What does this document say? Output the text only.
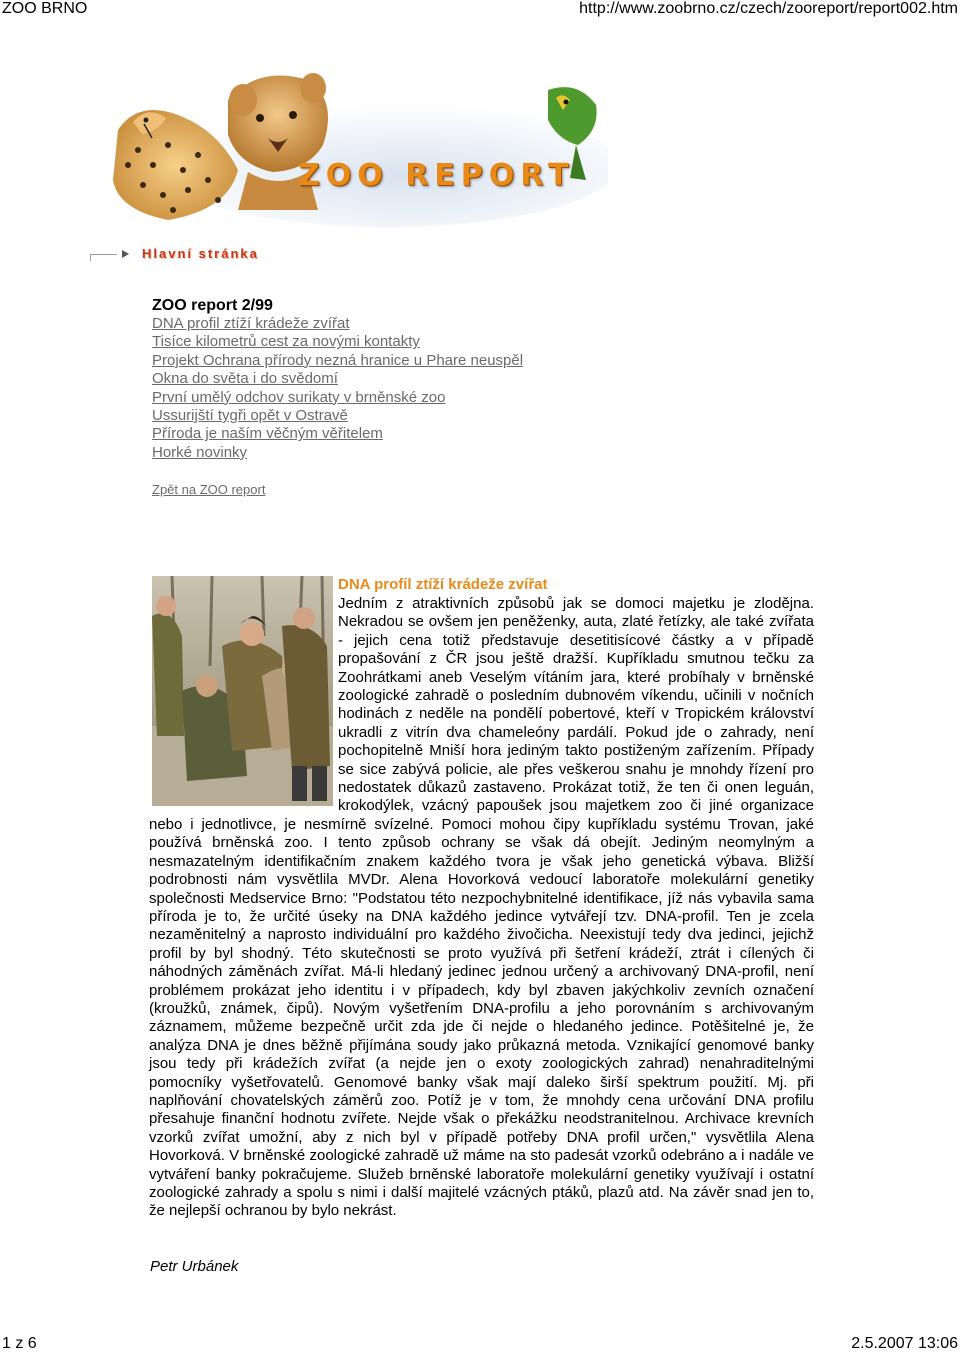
ZOO BRNO	http://www.zoobrno.cz/czech/zooreport/report002.htm
ZOO REPORT
Hlavní stránka
ZOO report 2/99
DNA profil ztíží krádeže zvířat
Tisíce kilometrů cest za novými kontakty
Projekt Ochrana přírody nezná hranice u Phare neuspěl
Okna do světa i do svědomí
První umělý odchov surikaty v brněnské zoo
Ussurijští tygři opět v Ostravě
Příroda je naším věčným věřitelem
Horké novinky
Zpět na ZOO report
DNA profil ztíží krádeže zvířat

Jedním z atraktivních způsobů jak se domoci majetku je zlodějna. Nekradou se ovšem jen peněženky, auta, zlaté řetízky, ale také zvířata - jejich cena totiž představuje desetitisícové částky a v případě propašování z ČR jsou ještě dražší. Kupříkladu smutnou tečku za Zoohrátkami aneb Veselým vítáním jara, které probíhaly v brněnské zoologické zahradě o posledním dubnovém víkendu, učinili v nočních hodinách z neděle na pondělí pobertové, kteří v Tropickém království ukradli z vitrín dva chameleóny pardálí. Pokud jde o zahrady, není pochopitelně Mniší hora jediným takto postiženým zařízením. Případy se sice zabývá policie, ale přes veškerou snahu je mnohdy řízení pro nedostatek důkazů zastaveno. Prokázat totiž, že ten či onen leguán, krokodýlek, vzácný papoušek jsou majetkem zoo či jiné organizace nebo i jednotlivce, je nesmírně svízelné. Pomoci mohou čipy kupříkladu systému Trovan, jaké používá brněnská zoo. I tento způsob ochrany se však dá obejít. Jediným neomylným a nesmazatelným identifikačním znakem každého tvora je však jeho genetická výbava. Bližší podrobnosti nám vysvětlila MVDr. Alena Hovorková vedoucí laboratoře molekulární genetiky společnosti Medservice Brno: "Podstatou této nezpochybnitelné identifikace, jíž nás vybavila sama příroda je to, že určité úseky na DNA každého jedince vytvářejí tzv. DNA-profil. Ten je zcela nezaměnitelný a naprosto individuální pro každého živočicha. Neexistují tedy dva jedinci, jejichž profil by byl shodný. Této skutečnosti se proto využívá při šetření krádeží, ztrát i cílených či náhodných záměnách zvířat. Má-li hledaný jedinec jednou určený a archivovaný DNA-profil, není problémem prokázat jeho identitu i v případech, kdy byl zbaven jakýchkoliv zevních označení (kroužků, známek, čipů). Novým vyšetřením DNA-profilu a jeho porovnáním s archivovaným záznamem, můžeme bezpečně určit zda jde či nejde o hledaného jedince. Potěšitelné je, že analýza DNA je dnes běžně přijímána soudy jako průkazná metoda. Vznikající genomové banky jsou tedy při krádežích zvířat (a nejde jen o exoty zoologických zahrad) nenahraditelnými pomocníky vyšetřovatelů. Genomové banky však mají daleko širší spektrum použití. Mj. při naplňování chovatelských záměrů zoo. Potíž je v tom, že mnohdy cena určování DNA profilu přesahuje finanční hodnotu zvířete. Nejde však o překážku neodstranitelnou. Archivace krevních vzorků zvířat umožní, aby z nich byl v případě potřeby DNA profil určen," vysvětlila Alena Hovorková. V brněnské zoologické zahradě už máme na sto padesát vzorků odebráno a i nadále ve vytváření banky pokračujeme. Služeb brněnské laboratoře molekulární genetiky využívají i ostatní zoologické zahrady a spolu s nimi i další majitelé vzácných ptáků, plazů atd. Na závěr snad jen to, že nejlepší ochranou by bylo nekrást.

Petr Urbánek
1 z 6	2.5.2007 13:06
